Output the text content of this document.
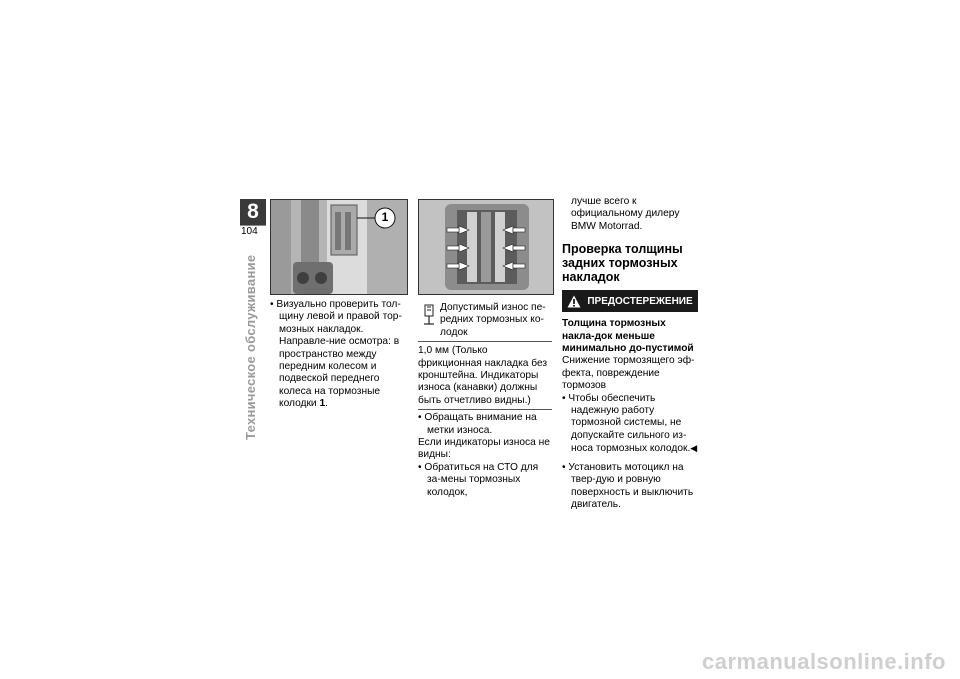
8
104
Техническое обслуживание
1

• Визуально проверить тол-щину левой и правой тор-мозных накладок. Направле-ние осмотра: в пространство между передним колесом и подвеской переднего колеса на тормозные колодки 1.

Допустимый износ пе-редних тормозных ко-лодок

1,0 мм (Только фрикционная накладка без кронштейна. Индикаторы износа (канавки) должны быть отчетливо видны.)

• Обращать внимание на метки износа.

Если индикаторы износа не видны:

• Обратиться на СТО для за-мены тормозных колодок,

лучше всего к официальному дилеру BMW Motorrad.

Проверка толщины задних тормозных накладок

ПРЕДОСТЕРЕЖЕНИЕ

Толщина тормозных накла-док меньше минимально до-пустимой

Снижение тормозящего эф-фекта, повреждение тормозов

• Чтобы обеспечить надежную работу тормозной системы, не допускайте сильного из-носа тормозных колодок.◀

• Установить мотоцикл на твер-дую и ровную поверхность и выключить двигатель.

carmanualsonline.info
